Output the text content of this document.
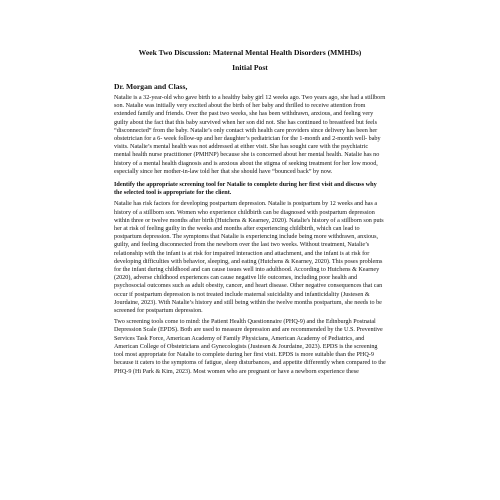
Week Two Discussion: Maternal Mental Health Disorders (MMHDs)
Initial Post
Dr. Morgan and Class,

Natalie is a 32-year-old who gave birth to a healthy baby girl 12 weeks ago. Two years ago, she had a stillborn son. Natalie was initially very excited about the birth of her baby and thrilled to receive attention from extended family and friends. Over the past two weeks, she has been withdrawn, anxious, and feeling very guilty about the fact that this baby survived when her son did not. She has continued to breastfeed but feels “disconnected” from the baby. Natalie’s only contact with health care providers since delivery has been her obstetrician for a 6- week follow-up and her daughter’s pediatrician for the 1-month and 2-month well- baby visits. Natalie’s mental health was not addressed at either visit. She has sought care with the psychiatric mental health nurse practitioner (PMHNP) because she is concerned about her mental health. Natalie has no history of a mental health diagnosis and is anxious about the stigma of seeking treatment for her low mood, especially since her mother-in-law told her that she should have “bounced back” by now.

Identify the appropriate screening tool for Natalie to complete during her first visit and discuss why the selected tool is appropriate for the client.

Natalie has risk factors for developing postpartum depression. Natalie is postpartum by 12 weeks and has a history of a stillborn son. Women who experience childbirth can be diagnosed with postpartum depression within three or twelve months after birth (Hutchens & Kearney, 2020). Natalie's history of a stillborn son puts her at risk of feeling guilty in the weeks and months after experiencing childbirth, which can lead to postpartum depression. The symptoms that Natalie is experiencing include being more withdrawn, anxious, guilty, and feeling disconnected from the newborn over the last two weeks. Without treatment, Natalie’s relationship with the infant is at risk for impaired interaction and attachment, and the infant is at risk for developing difficulties with behavior, sleeping, and eating (Hutchens & Kearney, 2020). This poses problems for the infant during childhood and can cause issues well into adulthood. According to Hutchens & Kearney (2020), adverse childhood experiences can cause negative life outcomes, including poor health and psychosocial outcomes such as adult obesity, cancer, and heart disease. Other negative consequences that can occur if postpartum depression is not treated include maternal suicidality and infanticidality (Justesen & Jourdaine, 2023). With Natalie’s history and still being within the twelve months postpartum, she needs to be screened for postpartum depression.

Two screening tools come to mind: the Patient Health Questionnaire (PHQ-9) and the Edinburgh Postnatal Depression Scale (EPDS). Both are used to measure depression and are recommended by the U.S. Preventive Services Task Force, American Academy of Family Physicians, American Academy of Pediatrics, and American College of Obstetricians and Gynecologists (Justesen & Jourdaine, 2023). EPDS is the screening tool most appropriate for Natalie to complete during her first visit. EPDS is more suitable than the PHQ-9 because it caters to the symptoms of fatigue, sleep disturbances, and appetite differently when compared to the PHQ-9 (Hi Park & Kim, 2023). Most women who are pregnant or have a newborn experience these
